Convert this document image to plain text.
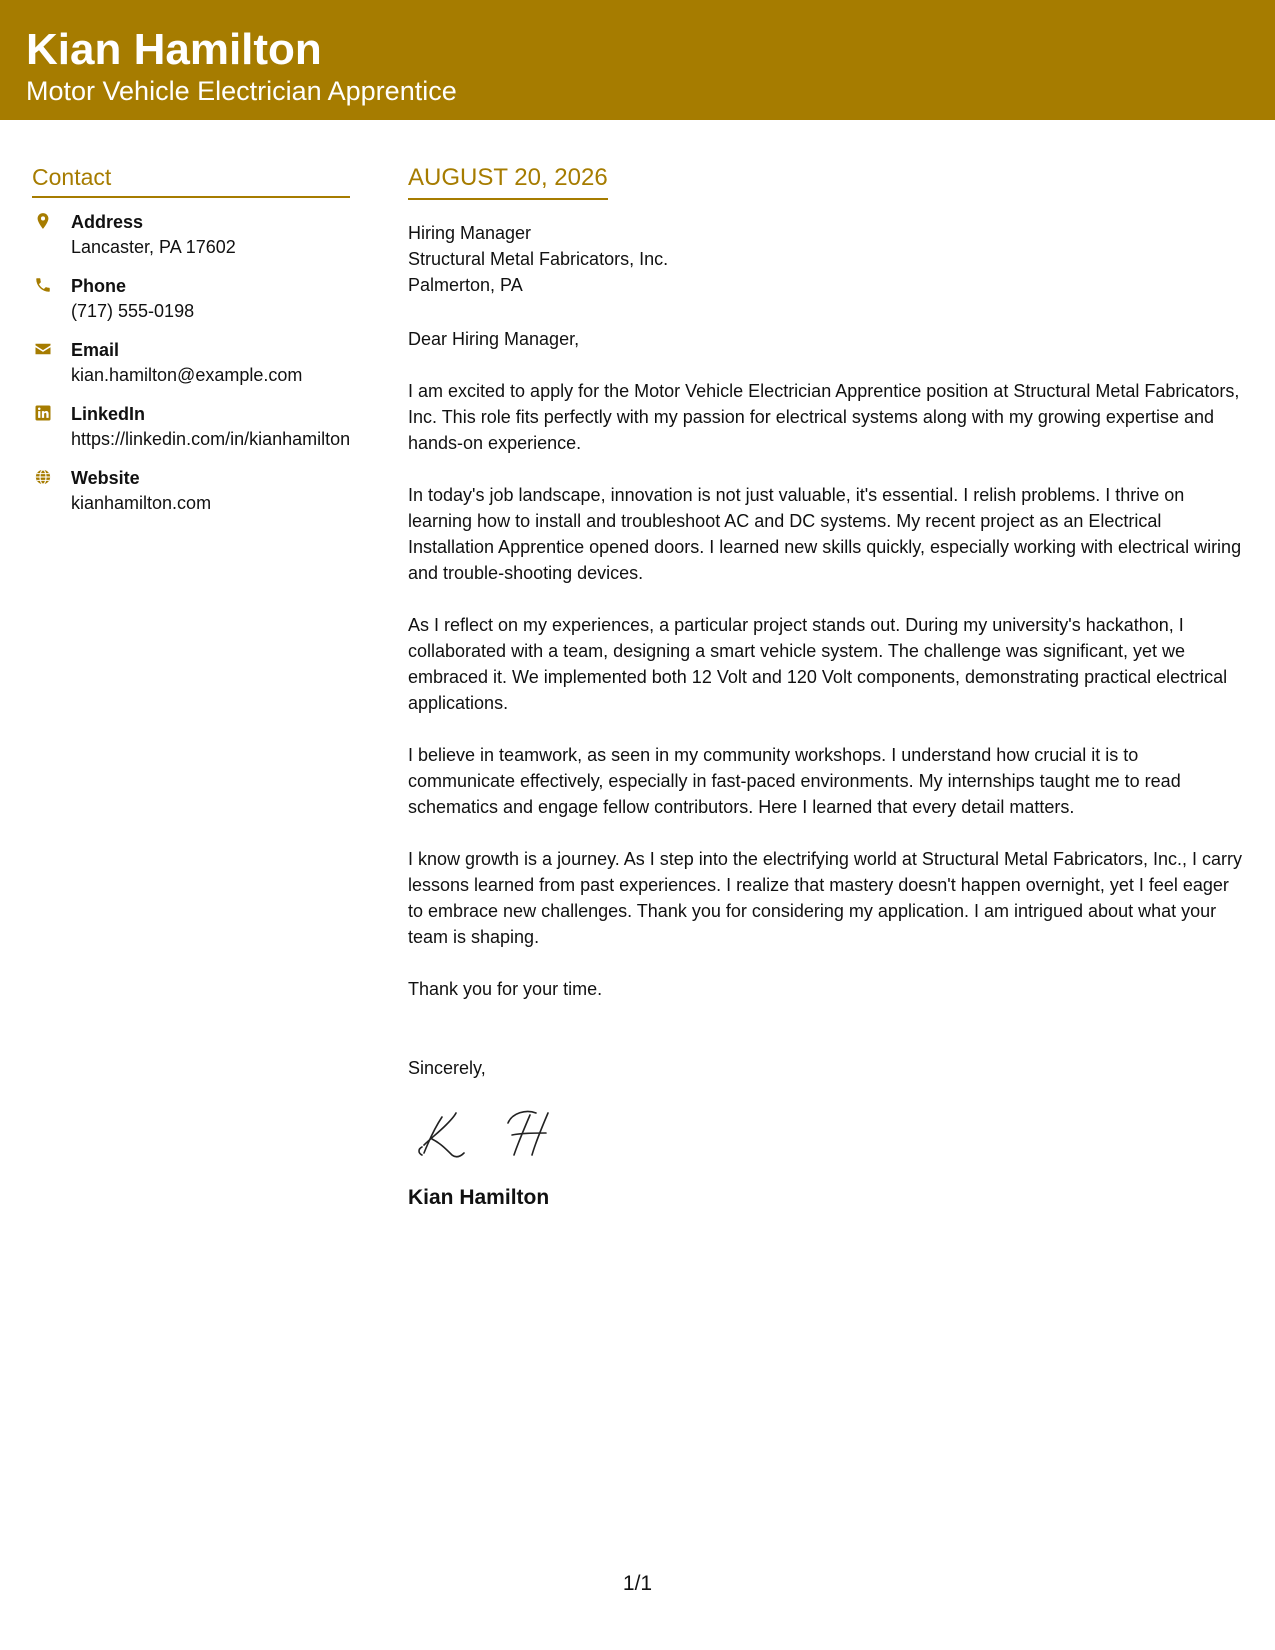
Kian Hamilton
Motor Vehicle Electrician Apprentice
Contact
Address
Lancaster, PA 17602
Phone
(717) 555-0198
Email
kian.hamilton@example.com
LinkedIn
https://linkedin.com/in/kianhamilton
Website
kianhamilton.com
AUGUST 20, 2026
Hiring Manager
Structural Metal Fabricators, Inc.
Palmerton, PA

Dear Hiring Manager,

I am excited to apply for the Motor Vehicle Electrician Apprentice position at Structural Metal Fabricators, Inc. This role fits perfectly with my passion for electrical systems along with my growing expertise and hands-on experience.

In today's job landscape, innovation is not just valuable, it's essential. I relish problems. I thrive on learning how to install and troubleshoot AC and DC systems. My recent project as an Electrical Installation Apprentice opened doors. I learned new skills quickly, especially working with electrical wiring and trouble-shooting devices.

As I reflect on my experiences, a particular project stands out. During my university's hackathon, I collaborated with a team, designing a smart vehicle system. The challenge was significant, yet we embraced it. We implemented both 12 Volt and 120 Volt components, demonstrating practical electrical applications.

I believe in teamwork, as seen in my community workshops. I understand how crucial it is to communicate effectively, especially in fast-paced environments. My internships taught me to read schematics and engage fellow contributors. Here I learned that every detail matters.

I know growth is a journey. As I step into the electrifying world at Structural Metal Fabricators, Inc., I carry lessons learned from past experiences. I realize that mastery doesn't happen overnight, yet I feel eager to embrace new challenges. Thank you for considering my application. I am intrigued about what your team is shaping.

Thank you for your time.

Sincerely,
Kian Hamilton
1/1
